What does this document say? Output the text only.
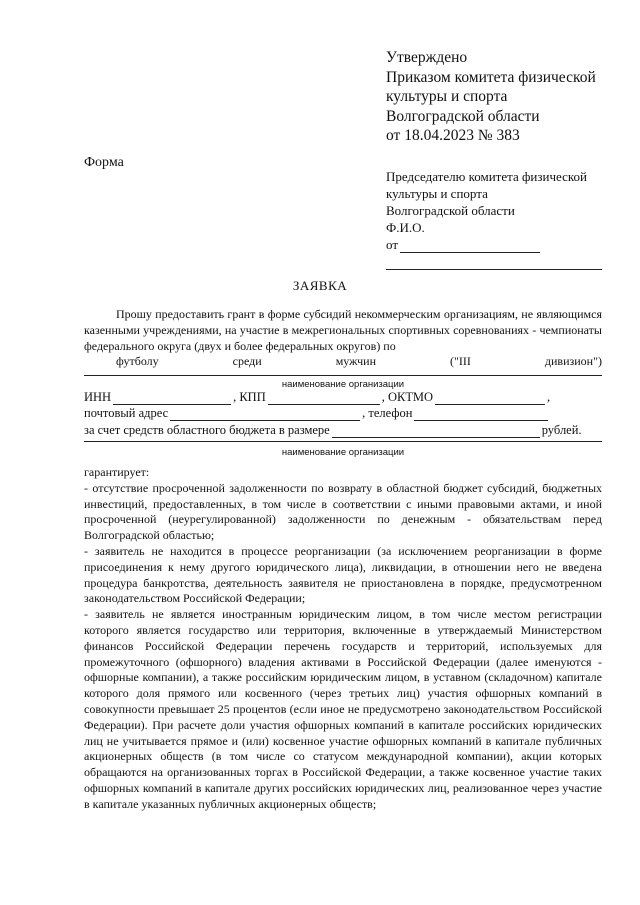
Утверждено
Приказом комитета физической
культуры и спорта
Волгоградской области
от 18.04.2023 № 383
Форма
Председателю комитета физической
культуры и спорта
Волгоградской области
Ф.И.О.
от
ЗАЯВКА
Прошу предоставить грант в форме субсидий некоммерческим организациям, не являющимся казенными учреждениями, на участие в межрегиональных спортивных соревнованиях - чемпионаты федерального округа (двух и более федеральных округов) по
футболу среди мужчин ("III дивизион")
наименование организации
ИНН	, КПП	, ОКТМО	,
почтовый адрес	, телефон
за счет средств областного бюджета в размере	рублей.
наименование организации

гарантирует:

- отсутствие просроченной задолженности по возврату в областной бюджет субсидий, бюджетных инвестиций, предоставленных, в том числе в соответствии с иными правовыми актами, и иной просроченной (неурегулированной) задолженности по денежным - обязательствам перед Волгоградской областью;

- заявитель не находится в процессе реорганизации (за исключением реорганизации в форме присоединения к нему другого юридического лица), ликвидации, в отношении него не введена процедура банкротства, деятельность заявителя не приостановлена в порядке, предусмотренном законодательством Российской Федерации;

- заявитель не является иностранным юридическим лицом, в том числе местом регистрации которого является государство или территория, включенные в утверждаемый Министерством финансов Российской Федерации перечень государств и территорий, используемых для промежуточного (офшорного) владения активами в Российской Федерации (далее именуются - офшорные компании), а также российским юридическим лицом, в уставном (складочном) капитале которого доля прямого или косвенного (через третьих лиц) участия офшорных компаний в совокупности превышает 25 процентов (если иное не предусмотрено законодательством Российской Федерации). При расчете доли участия офшорных компаний в капитале российских юридических лиц не учитывается прямое и (или) косвенное участие офшорных компаний в капитале публичных акционерных обществ (в том числе со статусом международной компании), акции которых обращаются на организованных торгах в Российской Федерации, а также косвенное участие таких офшорных компаний в капитале других российских юридических лиц, реализованное через участие в капитале указанных публичных акционерных обществ;
